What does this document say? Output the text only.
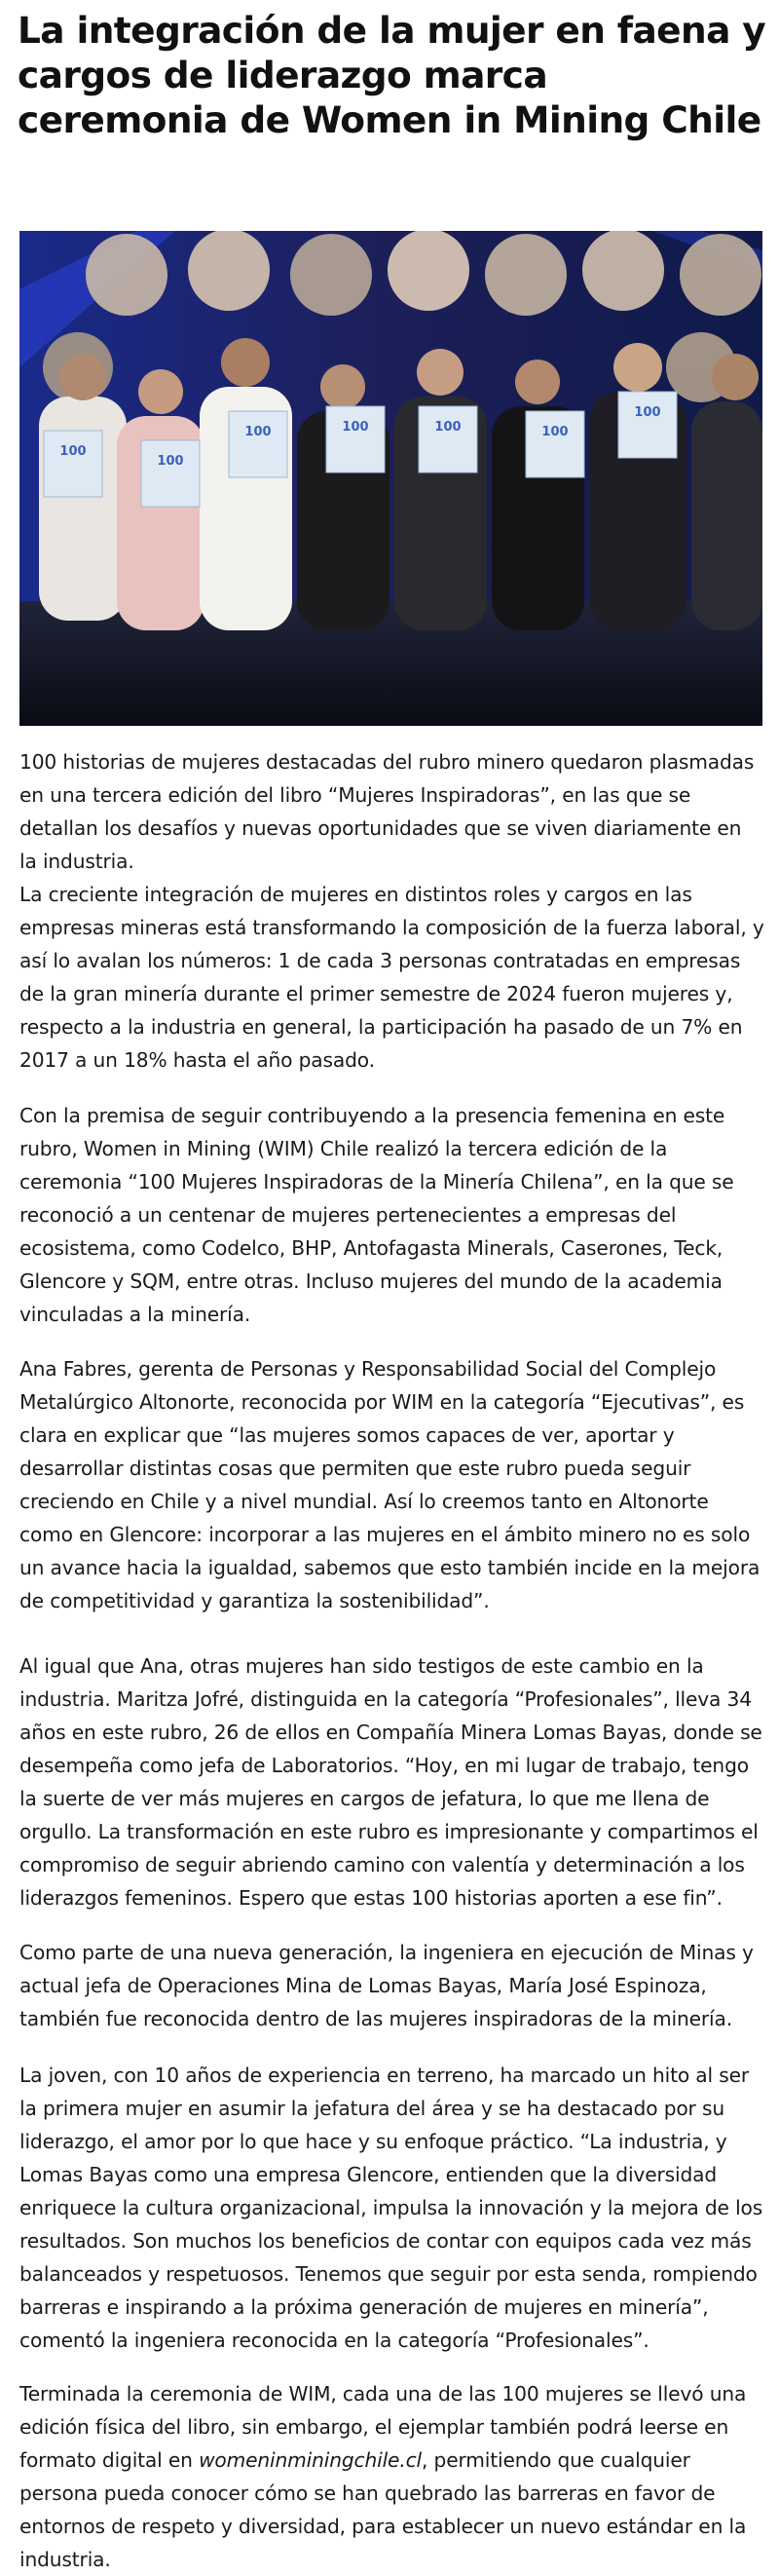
La integración de la mujer en faena y cargos de liderazgo marca ceremonia de Women in Mining Chile
100
100
100	100	100	100
100

100 historias de mujeres destacadas del rubro minero quedaron plasmadas en una tercera edición del libro “Mujeres Inspiradoras”, en las que se detallan los desafíos y nuevas oportunidades que se viven diariamente en la industria.

La creciente integración de mujeres en distintos roles y cargos en las empresas mineras está transformando la composición de la fuerza laboral, y así lo avalan los números: 1 de cada 3 personas contratadas en empresas de la gran minería durante el primer semestre de 2024 fueron mujeres y, respecto a la industria en general, la participación ha pasado de un 7% en 2017 a un 18% hasta el año pasado.

Con la premisa de seguir contribuyendo a la presencia femenina en este rubro, Women in Mining (WIM) Chile realizó la tercera edición de la ceremonia “100 Mujeres Inspiradoras de la Minería Chilena”, en la que se reconoció a un centenar de mujeres pertenecientes a empresas del ecosistema, como Codelco, BHP, Antofagasta Minerals, Caserones, Teck, Glencore y SQM, entre otras. Incluso mujeres del mundo de la academia vinculadas a la minería.

Ana Fabres, gerenta de Personas y Responsabilidad Social del Complejo Metalúrgico Altonorte, reconocida por WIM en la categoría “Ejecutivas”, es clara en explicar que “las mujeres somos capaces de ver, aportar y desarrollar distintas cosas que permiten que este rubro pueda seguir creciendo en Chile y a nivel mundial. Así lo creemos tanto en Altonorte como en Glencore: incorporar a las mujeres en el ámbito minero no es solo un avance hacia la igualdad, sabemos que esto también incide en la mejora de competitividad y garantiza la sostenibilidad”.

Al igual que Ana, otras mujeres han sido testigos de este cambio en la industria. Maritza Jofré, distinguida en la categoría “Profesionales”, lleva 34 años en este rubro, 26 de ellos en Compañía Minera Lomas Bayas, donde se desempeña como jefa de Laboratorios. “Hoy, en mi lugar de trabajo, tengo la suerte de ver más mujeres en cargos de jefatura, lo que me llena de orgullo. La transformación en este rubro es impresionante y compartimos el compromiso de seguir abriendo camino con valentía y determinación a los liderazgos femeninos. Espero que estas 100 historias aporten a ese fin”.

Como parte de una nueva generación, la ingeniera en ejecución de Minas y actual jefa de Operaciones Mina de Lomas Bayas, María José Espinoza, también fue reconocida dentro de las mujeres inspiradoras de la minería.

La joven, con 10 años de experiencia en terreno, ha marcado un hito al ser la primera mujer en asumir la jefatura del área y se ha destacado por su liderazgo, el amor por lo que hace y su enfoque práctico. “La industria, y Lomas Bayas como una empresa Glencore, entienden que la diversidad enriquece la cultura organizacional, impulsa la innovación y la mejora de los resultados. Son muchos los beneficios de contar con equipos cada vez más balanceados y respetuosos. Tenemos que seguir por esta senda, rompiendo barreras e inspirando a la próxima generación de mujeres en minería”, comentó la ingeniera reconocida en la categoría “Profesionales”.

Terminada la ceremonia de WIM, cada una de las 100 mujeres se llevó una edición física del libro, sin embargo, el ejemplar también podrá leerse en formato digital en womeninminingchile.cl, permitiendo que cualquier persona pueda conocer cómo se han quebrado las barreras en favor de entornos de respeto y diversidad, para establecer un nuevo estándar en la industria.
